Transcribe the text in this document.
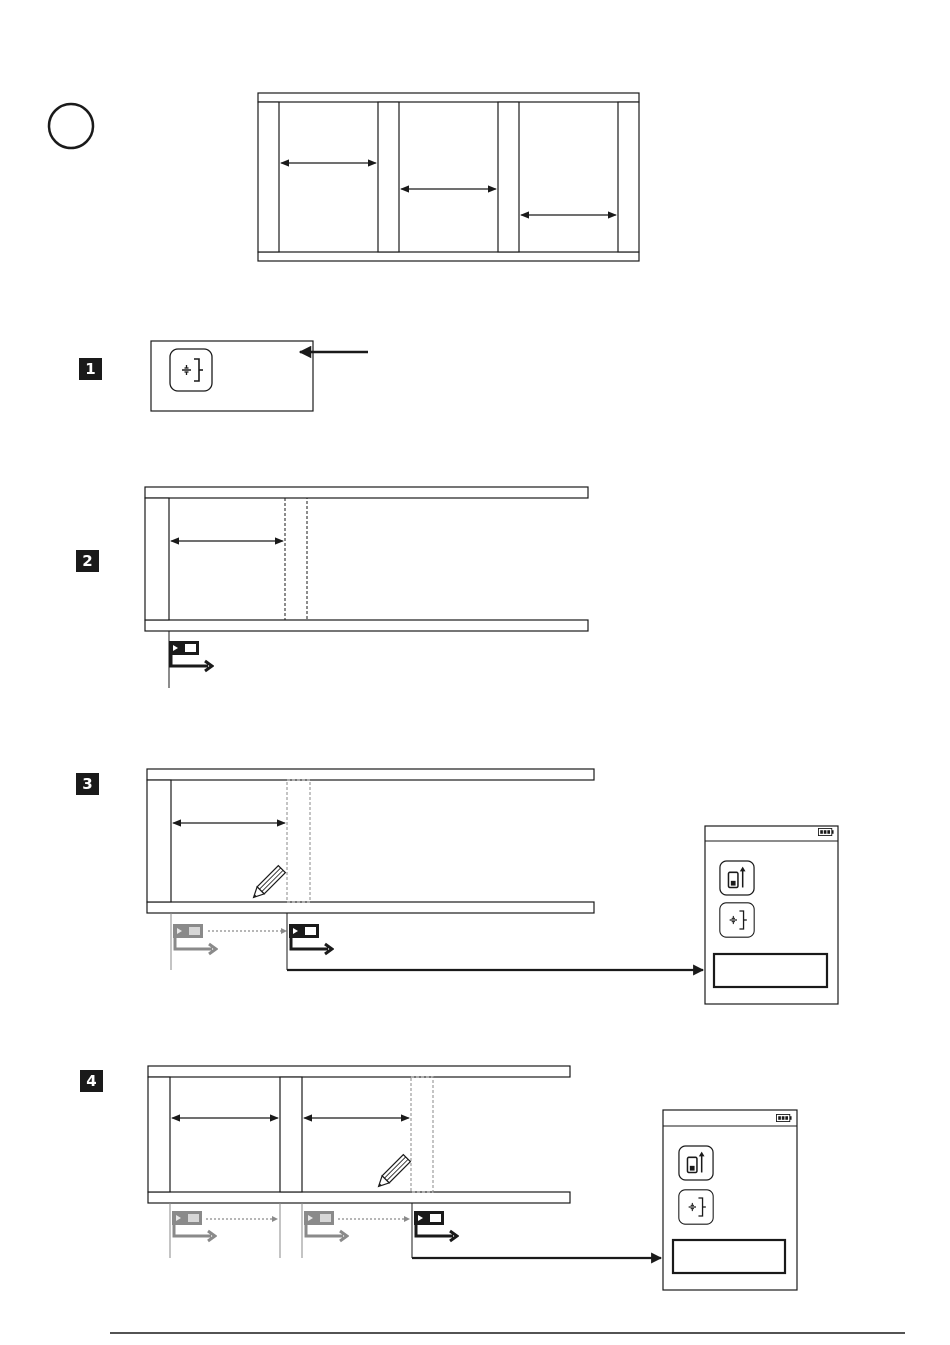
1
2
3
4
